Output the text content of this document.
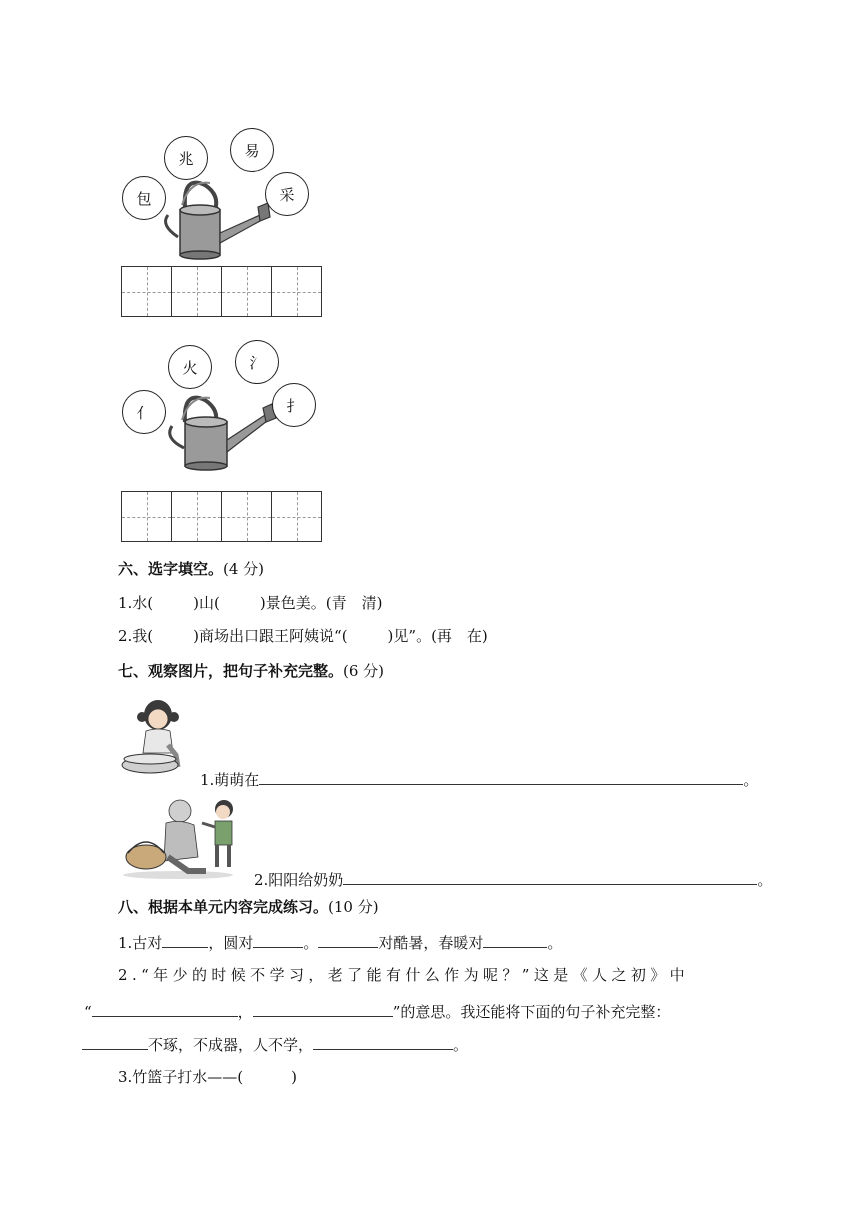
包
兆	易
采

亻
火	氵
扌

六、选字填空。(4 分)
1.水(	)山(	)景色美。(青　清)
2.我(	)商场出口跟王阿姨说“(	)见”。(再　在)
七、观察图片，把句子补充完整。(6 分)
1.萌萌在	。
2.阳阳给奶奶	。
八、根据本单元内容完成练习。(10 分)
1.古对	，圆对	。	对酷暑，春暖对	。
2.“年少的时候不学习，老了能有什么作为呢？”这是《人之初》中
“	，	”的意思。我还能将下面的句子补充完整：
不琢，不成器，人不学，	。
3.竹篮子打水——(	)
